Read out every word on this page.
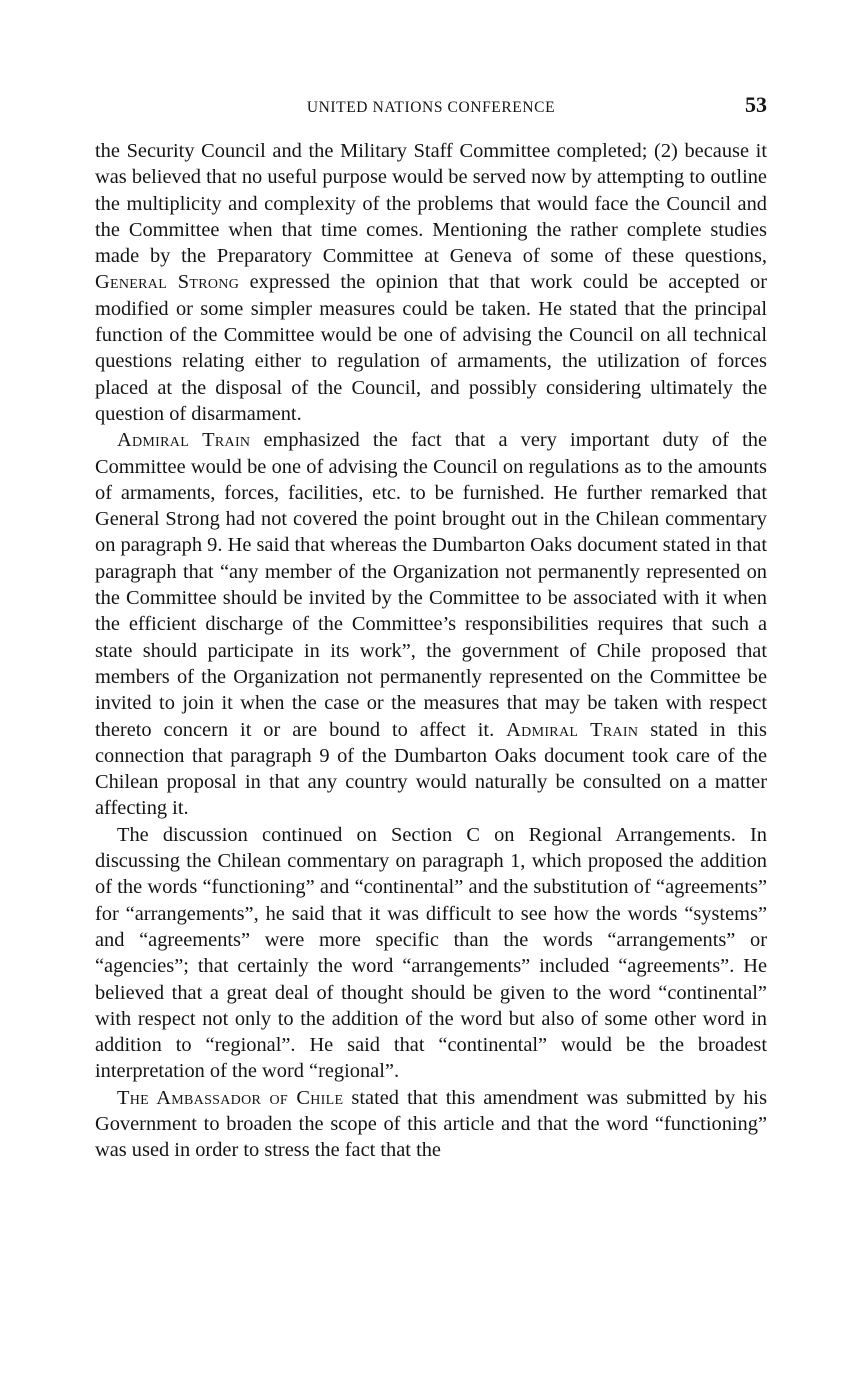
UNITED NATIONS CONFERENCE	53

the Security Council and the Military Staff Committee completed; (2) because it was believed that no useful purpose would be served now by attempting to outline the multiplicity and complexity of the problems that would face the Council and the Committee when that time comes. Mentioning the rather complete studies made by the Preparatory Committee at Geneva of some of these questions, General Strong expressed the opinion that that work could be accepted or modified or some simpler measures could be taken. He stated that the principal function of the Committee would be one of advising the Council on all technical questions relating either to regulation of armaments, the utilization of forces placed at the disposal of the Council, and possibly considering ultimately the question of disarmament.

Admiral Train emphasized the fact that a very important duty of the Committee would be one of advising the Council on regulations as to the amounts of armaments, forces, facilities, etc. to be furnished. He further remarked that General Strong had not covered the point brought out in the Chilean commentary on paragraph 9. He said that whereas the Dumbarton Oaks document stated in that paragraph that “any member of the Organization not permanently represented on the Committee should be invited by the Committee to be associated with it when the efficient discharge of the Committee’s responsibilities requires that such a state should participate in its work”, the government of Chile proposed that members of the Organization not permanently represented on the Committee be invited to join it when the case or the measures that may be taken with respect thereto concern it or are bound to affect it. Admiral Train stated in this connection that paragraph 9 of the Dumbarton Oaks document took care of the Chilean proposal in that any country would naturally be consulted on a matter affecting it.

The discussion continued on Section C on Regional Arrangements. In discussing the Chilean commentary on paragraph 1, which proposed the addition of the words “functioning” and “continental” and the substitution of “agreements” for “arrangements”, he said that it was difficult to see how the words “systems” and “agreements” were more specific than the words “arrangements” or “agencies”; that certainly the word “arrangements” included “agreements”. He believed that a great deal of thought should be given to the word “continental” with respect not only to the addition of the word but also of some other word in addition to “regional”. He said that “continental” would be the broadest interpretation of the word “regional”.

The Ambassador of Chile stated that this amendment was submitted by his Government to broaden the scope of this article and that the word “functioning” was used in order to stress the fact that the
